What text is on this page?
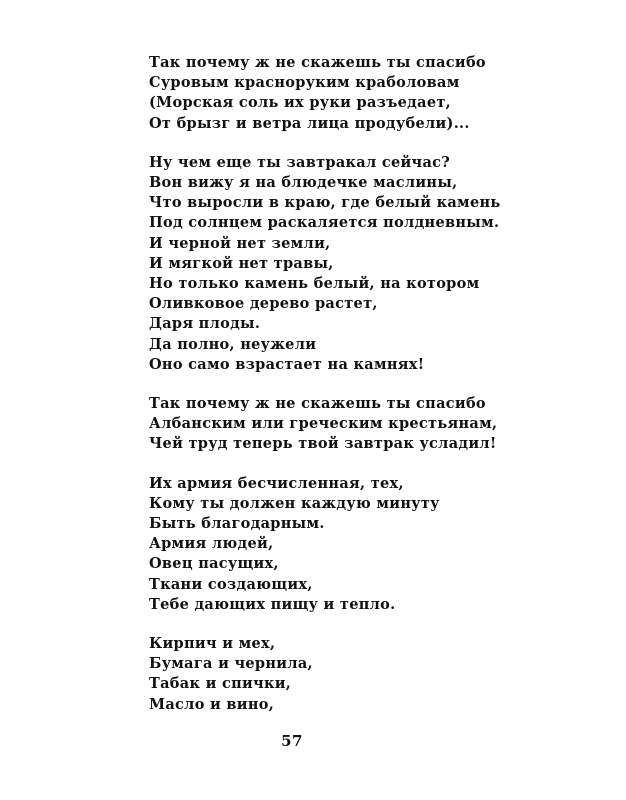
Так почему ж не скажешь ты спасибо
Суровым красноруким краболовам
(Морская соль их руки разъедает,
От брызг и ветра лица продубели)...
Ну чем еще ты завтракал сейчас?
Вон вижу я на блюдечке маслины,
Что выросли в краю, где белый камень
Под солнцем раскаляется полдневным.
И черной нет земли,
И мягкой нет травы,
Но только камень белый, на котором
Оливковое дерево растет,
Даря плоды.
Да полно, неужели
Оно само взрастает на камнях!
Так почему ж не скажешь ты спасибо
Албанским или греческим крестьянам,
Чей труд теперь твой завтрак усладил!
Их армия бесчисленная, тех,
Кому ты должен каждую минуту
Быть благодарным.
Армия людей,
Овец пасущих,
Ткани создающих,
Тебе дающих пищу и тепло.
Кирпич и мех,
Бумага и чернила,
Табак и спички,
Масло и вино,
57
